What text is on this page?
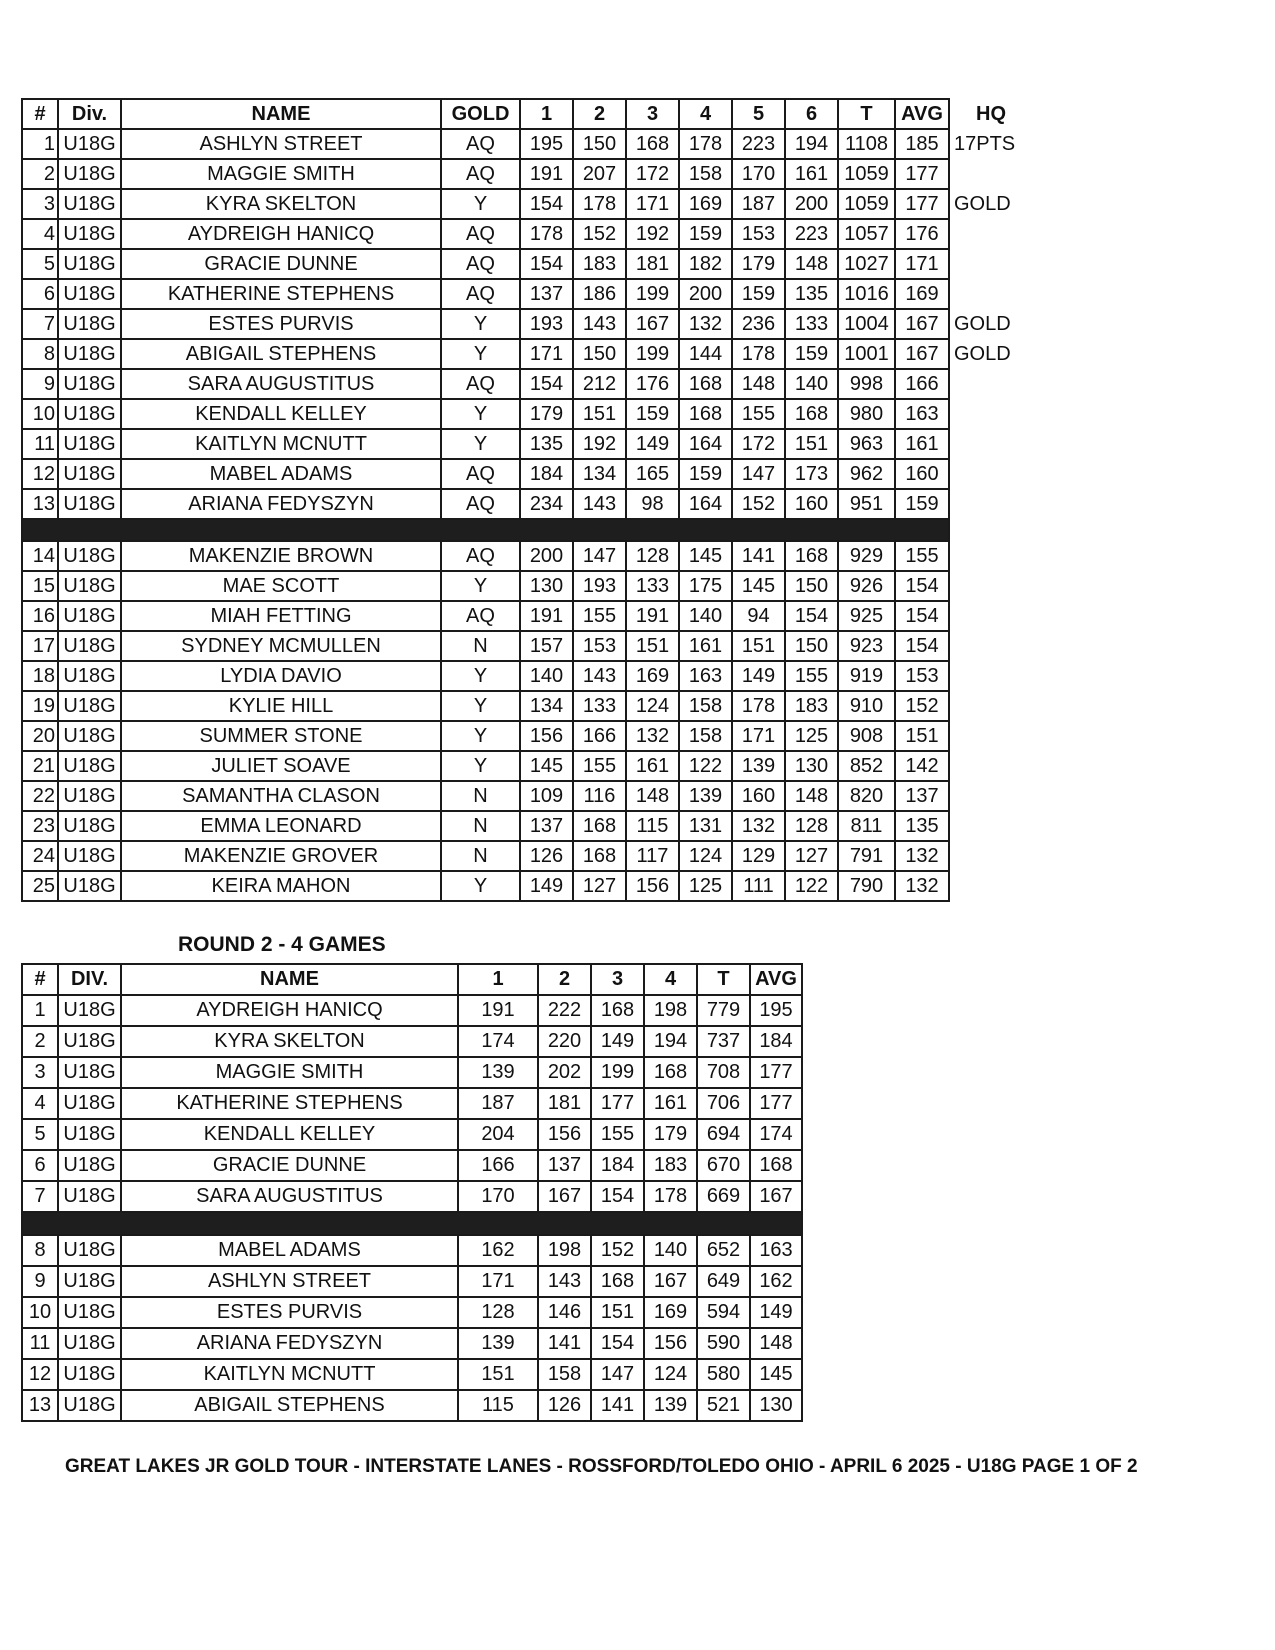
#	Div.	NAME	GOLD	1	2	3	4	5	6	T	AVG	HQ
1	U18G	ASHLYN STREET	AQ	195	150	168	178	223	194	1108	185	17PTS
2	U18G	MAGGIE SMITH	AQ	191	207	172	158	170	161	1059	177	
3	U18G	KYRA SKELTON	Y	154	178	171	169	187	200	1059	177	GOLD
4	U18G	AYDREIGH HANICQ	AQ	178	152	192	159	153	223	1057	176	
5	U18G	GRACIE DUNNE	AQ	154	183	181	182	179	148	1027	171	
6	U18G	KATHERINE STEPHENS	AQ	137	186	199	200	159	135	1016	169	
7	U18G	ESTES PURVIS	Y	193	143	167	132	236	133	1004	167	GOLD
8	U18G	ABIGAIL STEPHENS	Y	171	150	199	144	178	159	1001	167	GOLD
9	U18G	SARA AUGUSTITUS	AQ	154	212	176	168	148	140	998	166	
10	U18G	KENDALL KELLEY	Y	179	151	159	168	155	168	980	163	
11	U18G	KAITLYN MCNUTT	Y	135	192	149	164	172	151	963	161	
12	U18G	MABEL ADAMS	AQ	184	134	165	159	147	173	962	160	
13	U18G	ARIANA FEDYSZYN	AQ	234	143	98	164	152	160	951	159	

14	U18G	MAKENZIE BROWN	AQ	200	147	128	145	141	168	929	155	
15	U18G	MAE SCOTT	Y	130	193	133	175	145	150	926	154	
16	U18G	MIAH FETTING	AQ	191	155	191	140	94	154	925	154	
17	U18G	SYDNEY MCMULLEN	N	157	153	151	161	151	150	923	154	
18	U18G	LYDIA DAVIO	Y	140	143	169	163	149	155	919	153	
19	U18G	KYLIE HILL	Y	134	133	124	158	178	183	910	152	
20	U18G	SUMMER STONE	Y	156	166	132	158	171	125	908	151	
21	U18G	JULIET SOAVE	Y	145	155	161	122	139	130	852	142	
22	U18G	SAMANTHA CLASON	N	109	116	148	139	160	148	820	137	
23	U18G	EMMA LEONARD	N	137	168	115	131	132	128	811	135	
24	U18G	MAKENZIE GROVER	N	126	168	117	124	129	127	791	132	
25	U18G	KEIRA MAHON	Y	149	127	156	125	111	122	790	132	
ROUND 2 - 4 GAMES
#	DIV.	NAME	1	2	3	4	T	AVG
1	U18G	AYDREIGH HANICQ	191	222	168	198	779	195
2	U18G	KYRA SKELTON	174	220	149	194	737	184
3	U18G	MAGGIE SMITH	139	202	199	168	708	177
4	U18G	KATHERINE STEPHENS	187	181	177	161	706	177
5	U18G	KENDALL KELLEY	204	156	155	179	694	174
6	U18G	GRACIE DUNNE	166	137	184	183	670	168
7	U18G	SARA AUGUSTITUS	170	167	154	178	669	167

8	U18G	MABEL ADAMS	162	198	152	140	652	163
9	U18G	ASHLYN STREET	171	143	168	167	649	162
10	U18G	ESTES PURVIS	128	146	151	169	594	149
11	U18G	ARIANA FEDYSZYN	139	141	154	156	590	148
12	U18G	KAITLYN MCNUTT	151	158	147	124	580	145
13	U18G	ABIGAIL STEPHENS	115	126	141	139	521	130
GREAT LAKES JR GOLD TOUR - INTERSTATE LANES - ROSSFORD/TOLEDO OHIO - APRIL 6 2025 - U18G PAGE 1 OF 2
